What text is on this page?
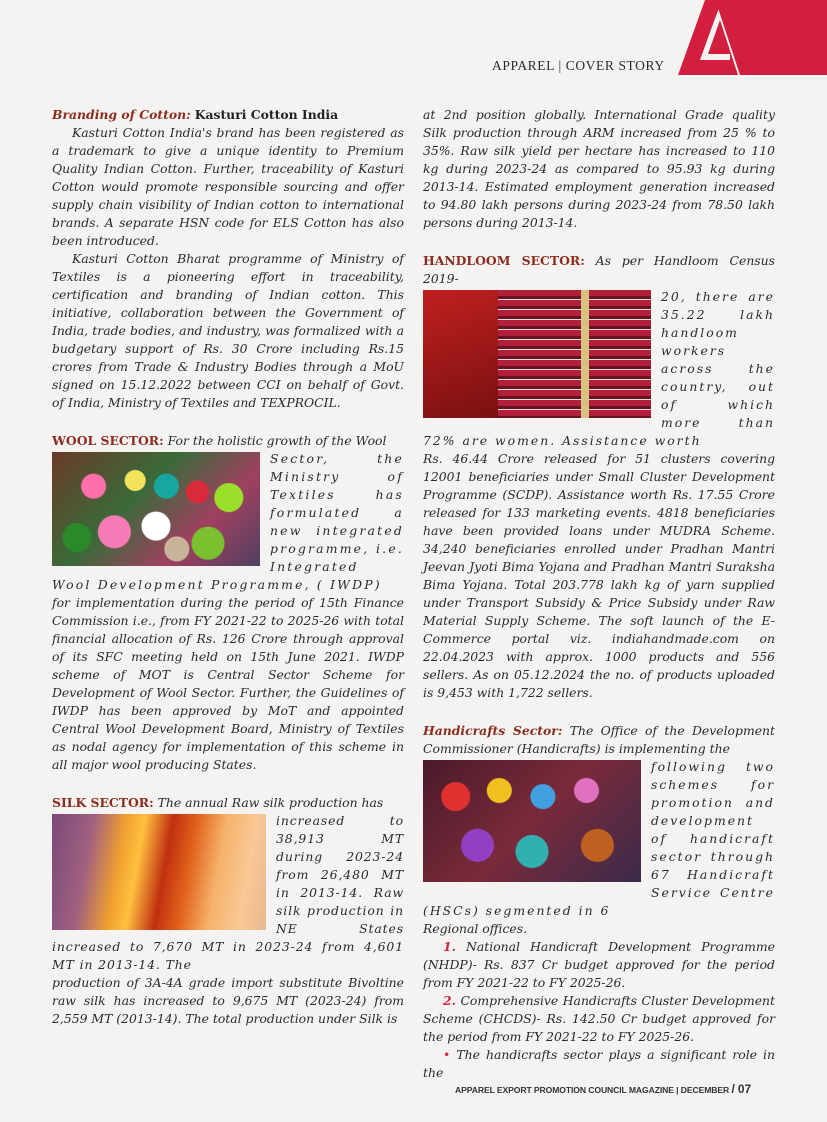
APPAREL | COVER STORY

Branding of Cotton: Kasturi Cotton India

Kasturi Cotton India's brand has been registered as a trademark to give a unique identity to Premium Quality Indian Cotton. Further, traceability of Kasturi Cotton would promote responsible sourcing and offer supply chain visibility of Indian cotton to international brands. A separate HSN code for ELS Cotton has also been introduced.

Kasturi Cotton Bharat programme of Ministry of Textiles is a pioneering effort in traceability, certification and branding of Indian cotton. This initiative, collaboration between the Government of India, trade bodies, and industry, was formalized with a budgetary support of Rs. 30 Crore including Rs.15 crores from Trade & Industry Bodies through a MoU signed on 15.12.2022 between CCI on behalf of Govt. of India, Ministry of Textiles and TEXPROCIL.

WOOL SECTOR: For the holistic growth of the Wool

Sector, the Ministry of Textiles has formulated a new integrated programme, i.e. Integrated Wool Development Programme, ( IWDP)

for implementation during the period of 15th Finance Commission i.e., from FY 2021-22 to 2025-26 with total financial allocation of Rs. 126 Crore through approval of its SFC meeting held on 15th June 2021. IWDP scheme of MOT is Central Sector Scheme for Development of Wool Sector. Further, the Guidelines of IWDP has been approved by MoT and appointed Central Wool Development Board, Ministry of Textiles as nodal agency for implementation of this scheme in all major wool producing States.

SILK SECTOR: The annual Raw silk production has

increased to 38,913 MT during 2023-24 from 26,480 MT in 2013-14. Raw silk production in NE States increased to 7,670 MT in 2023-24 from 4,601 MT in 2013-14. The

production of 3A-4A grade import substitute Bivoltine raw silk has increased to 9,675 MT (2023-24) from 2,559 MT (2013-14). The total production under Silk is

at 2nd position globally. International Grade quality Silk production through ARM increased from 25 % to 35%. Raw silk yield per hectare has increased to 110 kg during 2023-24 as compared to 95.93 kg during 2013-14. Estimated employment generation increased to 94.80 lakh persons during 2023-24 from 78.50 lakh persons during 2013-14.

HANDLOOM SECTOR: As per Handloom Census 2019-

20, there are 35.22 lakh handloom workers across the country, out of which more than 72% are women. Assistance worth

Rs. 46.44 Crore released for 51 clusters covering 12001 beneficiaries under Small Cluster Development Programme (SCDP). Assistance worth Rs. 17.55 Crore released for 133 marketing events. 4818 beneficiaries have been provided loans under MUDRA Scheme. 34,240 beneficiaries enrolled under Pradhan Mantri Jeevan Jyoti Bima Yojana and Pradhan Mantri Suraksha Bima Yojana. Total 203.778 lakh kg of yarn supplied under Transport Subsidy & Price Subsidy under Raw Material Supply Scheme. The soft launch of the E-Commerce portal viz. indiahandmade.com on 22.04.2023 with approx. 1000 products and 556 sellers. As on 05.12.2024 the no. of products uploaded is 9,453 with 1,722 sellers.

Handicrafts Sector: The Office of the Development Commissioner (Handicrafts) is implementing the

following two schemes for promotion and development of handicraft sector through 67 Handicraft Service Centre (HSCs) segmented in 6

Regional offices.

1. National Handicraft Development Programme (NHDP)- Rs. 837 Cr budget approved for the period from FY 2021-22 to FY 2025-26.

2. Comprehensive Handicrafts Cluster Development Scheme (CHCDS)- Rs. 142.50 Cr budget approved for the period from FY 2021-22 to FY 2025-26.

• The handicrafts sector plays a significant role in the

APPAREL EXPORT PROMOTION COUNCIL MAGAZINE | DECEMBER / 07
